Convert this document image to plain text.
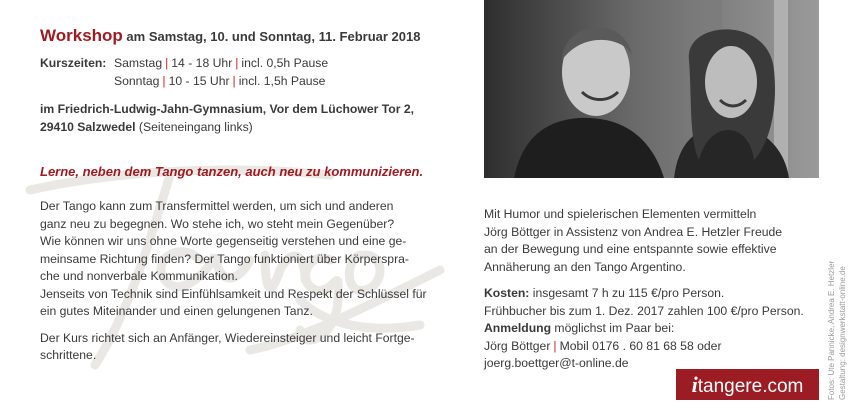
Workshop am Samstag, 10. und Sonntag, 11. Februar 2018
Kurszeiten: Samstag | 14 - 18 Uhr | incl. 0,5h Pause
Sonntag | 10 - 15 Uhr | incl. 1,5h Pause
im Friedrich-Ludwig-Jahn-Gymnasium, Vor dem Lüchower Tor 2,
29410 Salzwedel (Seiteneingang links)
Lerne, neben dem Tango tanzen, auch neu zu kommunizieren.
Der Tango kann zum Transfermittel werden, um sich und anderen
ganz neu zu begegnen. Wo stehe ich, wo steht mein Gegenüber?
Wie können wir uns ohne Worte gegenseitig verstehen und eine ge-
meinsame Richtung finden? Der Tango funktioniert über Körperspra-
che und nonverbale Kommunikation.
Jenseits von Technik sind Einfühlsamkeit und Respekt der Schlüssel für
ein gutes Miteinander und einen gelungenen Tanz.
Der Kurs richtet sich an Anfänger, Wiedereinsteiger und leicht Fortge-
schrittene.
Mit Humor und spielerischen Elementen vermitteln
Jörg Böttger in Assistenz von Andrea E. Hetzler Freude
an der Bewegung und eine entspannte sowie effektive
Annäherung an den Tango Argentino.
Kosten: insgesamt 7 h zu 115 €/pro Person.
Frühbucher bis zum 1. Dez. 2017 zahlen 100 €/pro Person.
Anmeldung möglichst im Paar bei:
Jörg Böttger | Mobil 0176 . 60 81 68 58 oder
joerg.boettger@t-online.de
itangere.com	Fotos: Ute Pannicke, Andrea E. Hetzler Gestaltung: designwerkstatt-online.de
